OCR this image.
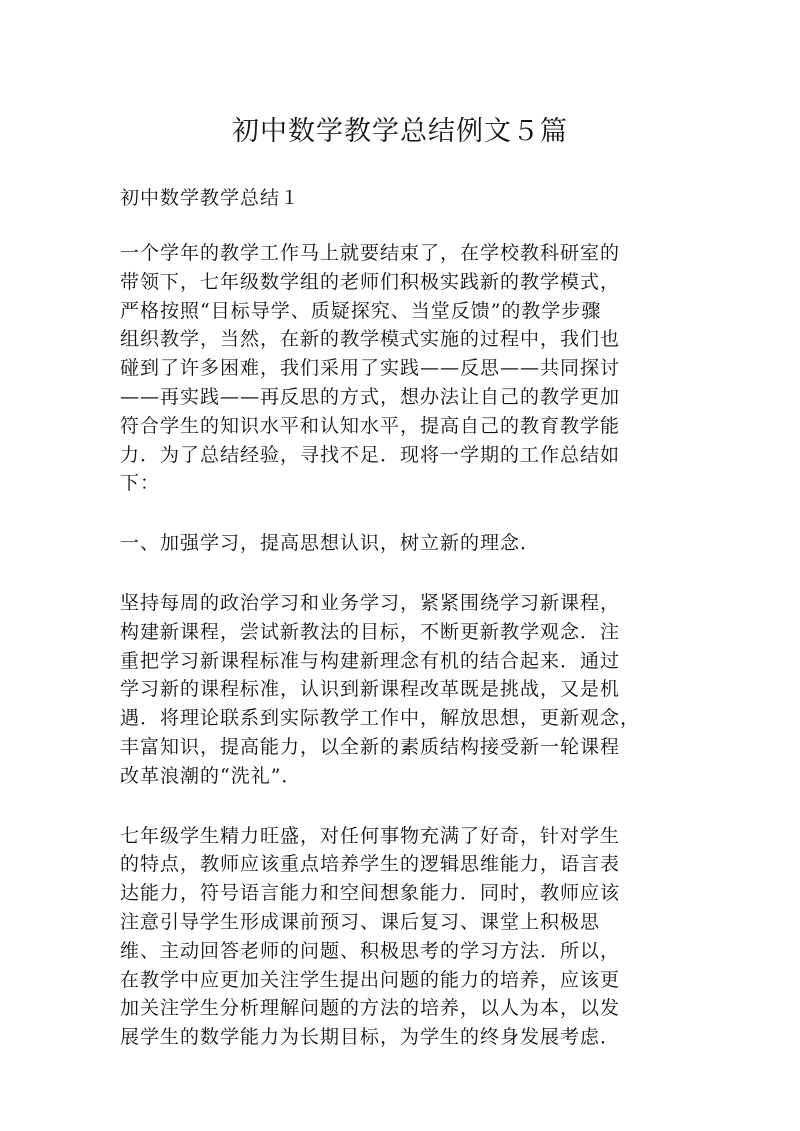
初中数学教学总结例文５篇
初中数学教学总结１

一个学年的教学工作马上就要结束了，在学校教科研室的
带领下，七年级数学组的老师们积极实践新的教学模式，
严格按照“目标导学、质疑探究、当堂反馈”的教学步骤
组织教学，当然，在新的教学模式实施的过程中，我们也
碰到了许多困难，我们采用了实践——反思——共同探讨
——再实践——再反思的方式，想办法让自己的教学更加
符合学生的知识水平和认知水平，提高自己的教育教学能
力．为了总结经验，寻找不足．现将一学期的工作总结如
下：

一、加强学习，提高思想认识，树立新的理念．

坚持每周的政治学习和业务学习，紧紧围绕学习新课程，
构建新课程，尝试新教法的目标，不断更新教学观念．注
重把学习新课程标准与构建新理念有机的结合起来．通过
学习新的课程标准，认识到新课程改革既是挑战，又是机
遇．将理论联系到实际教学工作中，解放思想，更新观念，
丰富知识，提高能力，以全新的素质结构接受新一轮课程
改革浪潮的“洗礼”．

七年级学生精力旺盛，对任何事物充满了好奇，针对学生
的特点，教师应该重点培养学生的逻辑思维能力，语言表
达能力，符号语言能力和空间想象能力．同时，教师应该
注意引导学生形成课前预习、课后复习、课堂上积极思
维、主动回答老师的问题、积极思考的学习方法．所以，
在教学中应更加关注学生提出问题的能力的培养，应该更
加关注学生分析理解问题的方法的培养，以人为本，以发
展学生的数学能力为长期目标，为学生的终身发展考虑．
